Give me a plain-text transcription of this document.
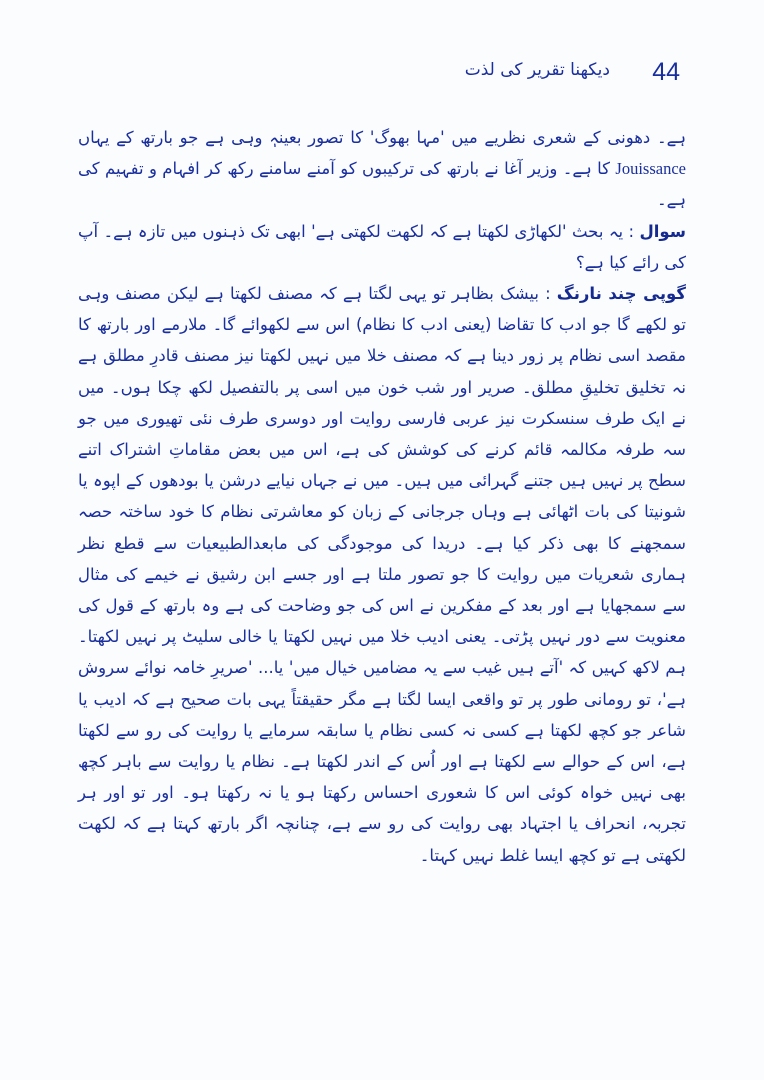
44
دیکھنا تقریر کی لذت

ہے۔ دھونی کے شعری نظریے میں 'مہا بھوگ' کا تصور بعینہٖ وہی ہے جو بارتھ کے یہاں Jouissance کا ہے۔ وزیر آغا نے بارتھ کی ترکیبوں کو آمنے سامنے رکھ کر افہام و تفہیم کی ہے۔

سوال : یہ بحث 'لکھاڑی لکھتا ہے کہ لکھت لکھتی ہے' ابھی تک ذہنوں میں تازہ ہے۔ آپ کی رائے کیا ہے؟

گوپی چند نارنگ : بیشک بظاہر تو یہی لگتا ہے کہ مصنف لکھتا ہے لیکن مصنف وہی تو لکھے گا جو ادب کا تقاضا (یعنی ادب کا نظام) اس سے لکھوائے گا۔ ملارمے اور بارتھ کا مقصد اسی نظام پر زور دینا ہے کہ مصنف خلا میں نہیں لکھتا نیز مصنف قادرِ مطلق ہے نہ تخلیق تخلیقِ مطلق۔ صریر اور شب خون میں اسی پر بالتفصیل لکھ چکا ہوں۔ میں نے ایک طرف سنسکرت نیز عربی فارسی روایت اور دوسری طرف نئی تھیوری میں جو سہ طرفہ مکالمہ قائم کرنے کی کوشش کی ہے، اس میں بعض مقاماتِ اشتراک اتنے سطح پر نہیں ہیں جتنے گہرائی میں ہیں۔ میں نے جہاں نیایے درشن یا بودھوں کے اپوہ یا شونیتا کی بات اٹھائی ہے وہاں جرجانی کے زبان کو معاشرتی نظام کا خود ساختہ حصہ سمجھنے کا بھی ذکر کیا ہے۔ دریدا کی موجودگی کی مابعدالطبیعیات سے قطع نظر ہماری شعریات میں روایت کا جو تصور ملتا ہے اور جسے ابن رشیق نے خیمے کی مثال سے سمجھایا ہے اور بعد کے مفکرین نے اس کی جو وضاحت کی ہے وہ بارتھ کے قول کی معنویت سے دور نہیں پڑتی۔ یعنی ادیب خلا میں نہیں لکھتا یا خالی سلیٹ پر نہیں لکھتا۔ ہم لاکھ کہیں کہ 'آتے ہیں غیب سے یہ مضامیں خیال میں' یا... 'صریرِ خامہ نوائے سروش ہے'، تو رومانی طور پر تو واقعی ایسا لگتا ہے مگر حقیقتاً یہی بات صحیح ہے کہ ادیب یا شاعر جو کچھ لکھتا ہے کسی نہ کسی نظام یا سابقہ سرمایے یا روایت کی رو سے لکھتا ہے، اس کے حوالے سے لکھتا ہے اور اُس کے اندر لکھتا ہے۔ نظام یا روایت سے باہر کچھ بھی نہیں خواہ کوئی اس کا شعوری احساس رکھتا ہو یا نہ رکھتا ہو۔ اور تو اور ہر تجربہ، انحراف یا اجتہاد بھی روایت کی رو سے ہے، چنانچہ اگر بارتھ کہتا ہے کہ لکھت لکھتی ہے تو کچھ ایسا غلط نہیں کہتا۔
